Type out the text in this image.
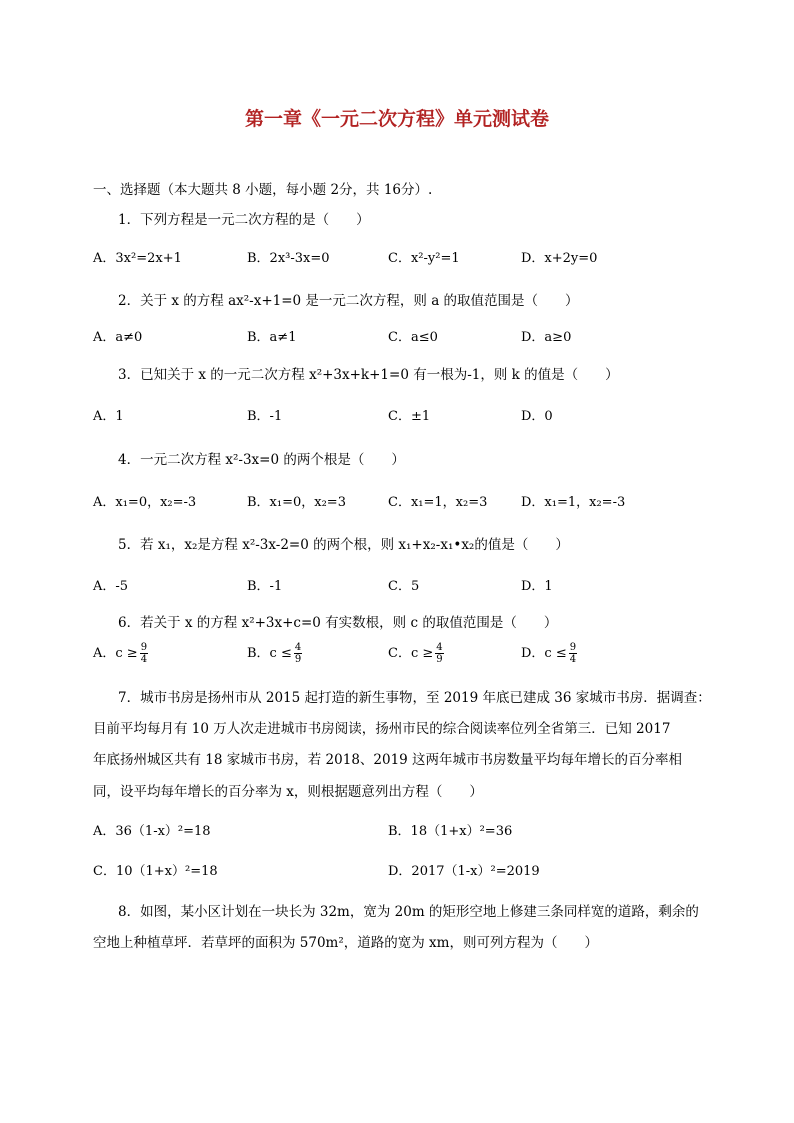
第一章《一元二次方程》单元测试卷
一、选择题（本大题共 8 小题，每小题 2分，共 16分）.
1．下列方程是一元二次方程的是（　　）
A．3x²=2x+1	B．2x³-3x=0	C．x²-y²=1	D．x+2y=0
2．关于 x 的方程 ax²-x+1=0 是一元二次方程，则 a 的取值范围是（　　）
A．a≠0	B．a≠1	C．a≤0	D．a≥0
3．已知关于 x 的一元二次方程 x²+3x+k+1=0 有一根为-1，则 k 的值是（　　）
A．1	B．-1	C．±1	D．0
4．一元二次方程 x²-3x=0 的两个根是（　　）
A．x₁=0，x₂=-3	B．x₁=0，x₂=3	C．x₁=1，x₂=3	D．x₁=1，x₂=-3
5．若 x₁，x₂是方程 x²-3x-2=0 的两个根，则 x₁+x₂-x₁•x₂的值是（　　）
A．-5	B．-1	C．5	D．1
6．若关于 x 的方程 x²+3x+c=0 有实数根，则 c 的取值范围是（　　）
A．$c \ge \frac{9}{4}$	B．$c \le \frac{4}{9}$	C．$c \ge \frac{4}{9}$	D．$c \le \frac{9}{4}$
7．城市书房是扬州市从 2015 起打造的新生事物，至 2019 年底已建成 36 家城市书房．据调查：
目前平均每月有 10 万人次走进城市书房阅读，扬州市民的综合阅读率位列全省第三．已知 2017
年底扬州城区共有 18 家城市书房，若 2018、2019 这两年城市书房数量平均每年增长的百分率相
同，设平均每年增长的百分率为 x，则根据题意列出方程（　　）
A．36（1-x）²=18	B．18（1+x）²=36
C．10（1+x）²=18	D．2017（1-x）²=2019
8．如图，某小区计划在一块长为 32m，宽为 20m 的矩形空地上修建三条同样宽的道路，剩余的
空地上种植草坪．若草坪的面积为 570m²，道路的宽为 xm，则可列方程为（　　）
